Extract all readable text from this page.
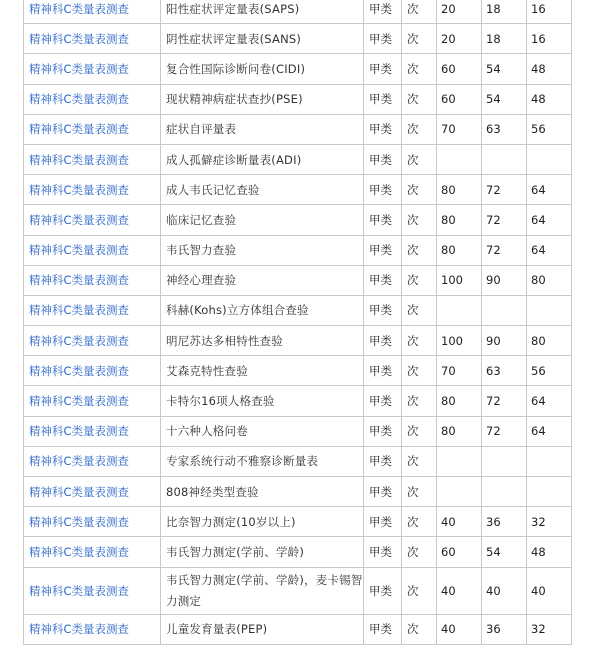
精神科C类量表测查	阳性症状评定量表(SAPS)	甲类	次	20	18	16
精神科C类量表测查	阴性症状评定量表(SANS)	甲类	次	20	18	16
精神科C类量表测查	复合性国际诊断问卷(CIDI)	甲类	次	60	54	48
精神科C类量表测查	现状精神病症状查抄(PSE)	甲类	次	60	54	48
精神科C类量表测查	症状自评量表	甲类	次	70	63	56
精神科C类量表测查	成人孤僻症诊断量表(ADI)	甲类	次			
精神科C类量表测查	成人韦氏记忆查验	甲类	次	80	72	64
精神科C类量表测查	临床记忆查验	甲类	次	80	72	64
精神科C类量表测查	韦氏智力查验	甲类	次	80	72	64
精神科C类量表测查	神经心理查验	甲类	次	100	90	80
精神科C类量表测查	科赫(Kohs)立方体组合查验	甲类	次			
精神科C类量表测查	明尼苏达多相特性查验	甲类	次	100	90	80
精神科C类量表测查	艾森克特性查验	甲类	次	70	63	56
精神科C类量表测查	卡特尔16项人格查验	甲类	次	80	72	64
精神科C类量表测查	十六种人格问卷	甲类	次	80	72	64
精神科C类量表测查	专家系统行动不雅察诊断量表	甲类	次			
精神科C类量表测查	808神经类型查验	甲类	次			
精神科C类量表测查	比奈智力测定(10岁以上)	甲类	次	40	36	32
精神科C类量表测查	韦氏智力测定(学前、学龄)	甲类	次	60	54	48
精神科C类量表测查	韦氏智力测定(学前、学龄)，麦卡锡智力测定	甲类	次	40	40	40
精神科C类量表测查	儿童发育量表(PEP)	甲类	次	40	36	32
